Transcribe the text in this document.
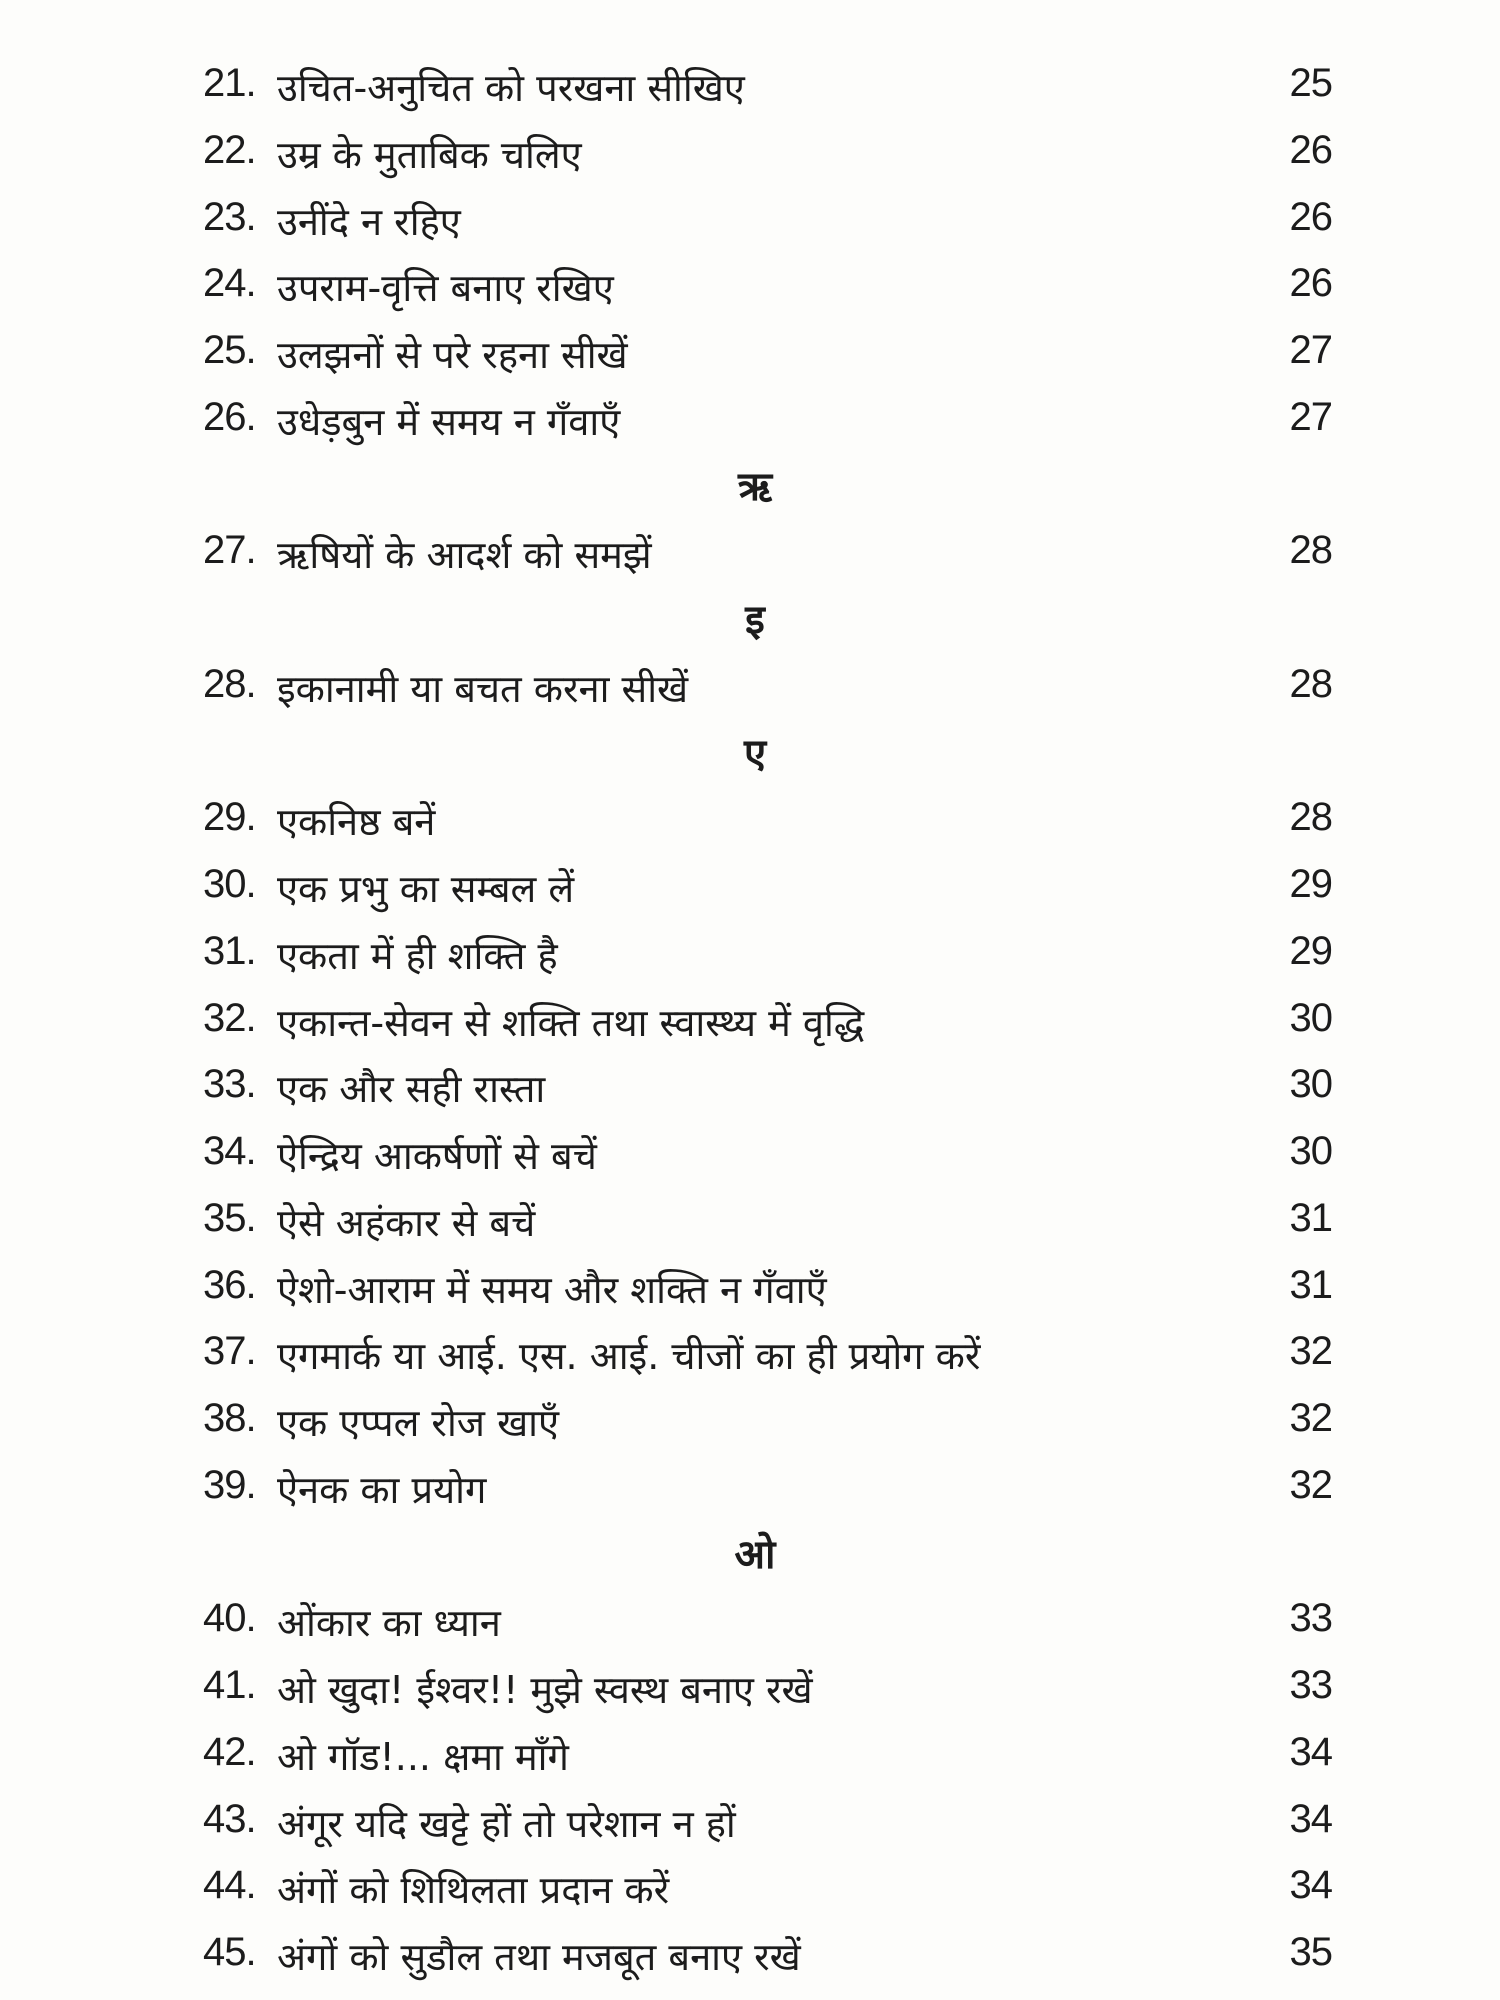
21. उचित-अनुचित को परखना सीखिए	25
22. उम्र के मुताबिक चलिए	26
23. उनींदे न रहिए	26
24. उपराम-वृत्ति बनाए रखिए	26
25. उलझनों से परे रहना सीखें	27
26. उधेड़बुन में समय न गँवाएँ	27
ऋ
27. ऋषियों के आदर्श को समझें	28
इ
28. इकानामी या बचत करना सीखें	28
ए
29. एकनिष्ठ बनें	28
30. एक प्रभु का सम्बल लें	29
31. एकता में ही शक्ति है	29
32. एकान्त-सेवन से शक्ति तथा स्वास्थ्य में वृद्धि	30
33. एक और सही रास्ता	30
34. ऐन्द्रिय आकर्षणों से बचें	30
35. ऐसे अहंकार से बचें	31
36. ऐशो-आराम में समय और शक्ति न गँवाएँ	31
37. एगमार्क या आई. एस. आई. चीजों का ही प्रयोग करें	32
38. एक एप्पल रोज खाएँ	32
39. ऐनक का प्रयोग	32
ओ
40. ओंकार का ध्यान	33
41. ओ खुदा! ईश्वर!! मुझे स्वस्थ बनाए रखें	33
42. ओ गॉड!... क्षमा माँगे	34
43. अंगूर यदि खट्टे हों तो परेशान न हों	34
44. अंगों को शिथिलता प्रदान करें	34
45. अंगों को सुडौल तथा मजबूत बनाए रखें	35
